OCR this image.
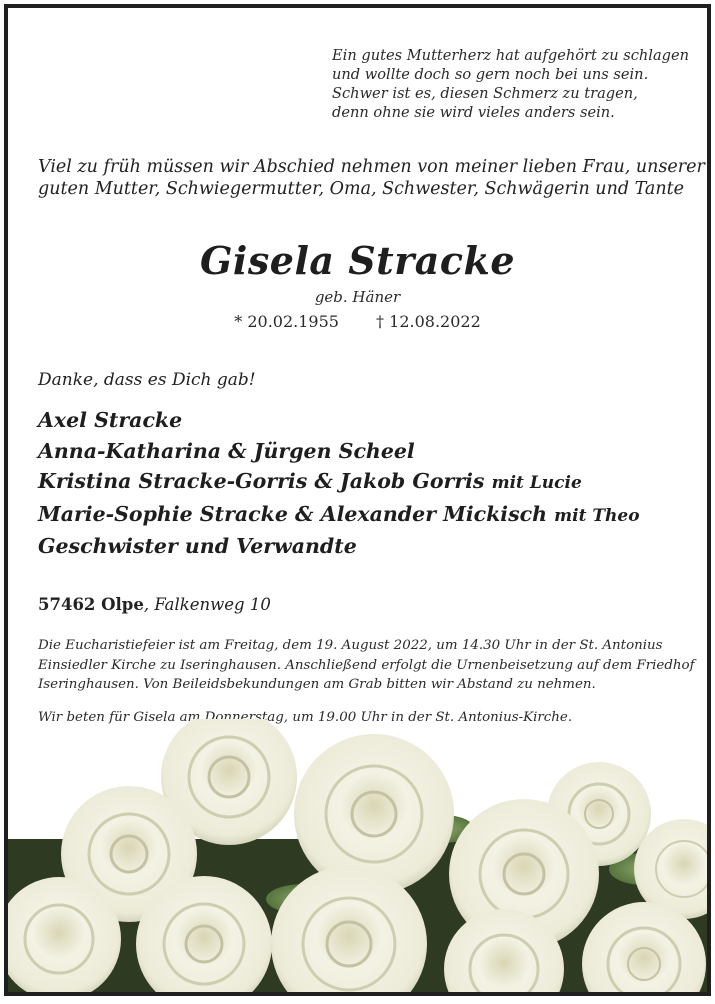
Ein gutes Mutterherz hat aufgehört zu schlagen
und wollte doch so gern noch bei uns sein.
Schwer ist es, diesen Schmerz zu tragen,
denn ohne sie wird vieles anders sein.
Viel zu früh müssen wir Abschied nehmen von meiner lieben Frau, unserer
guten Mutter, Schwiegermutter, Oma, Schwester, Schwägerin und Tante
Gisela Stracke
geb. Häner
* 20.02.1955 † 12.08.2022
Danke, dass es Dich gab!
Axel Stracke
Anna-Katharina & Jürgen Scheel
Kristina Stracke-Gorris & Jakob Gorris mit Lucie
Marie-Sophie Stracke & Alexander Mickisch mit Theo
Geschwister und Verwandte
57462 Olpe, Falkenweg 10
Die Eucharistiefeier ist am Freitag, dem 19. August 2022, um 14.30 Uhr in der St. Antonius
Einsiedler Kirche zu Iseringhausen. Anschließend erfolgt die Urnenbeisetzung auf dem Friedhof
Iseringhausen. Von Beileidsbekundungen am Grab bitten wir Abstand zu nehmen.
Wir beten für Gisela am Donnerstag, um 19.00 Uhr in der St. Antonius-Kirche.
